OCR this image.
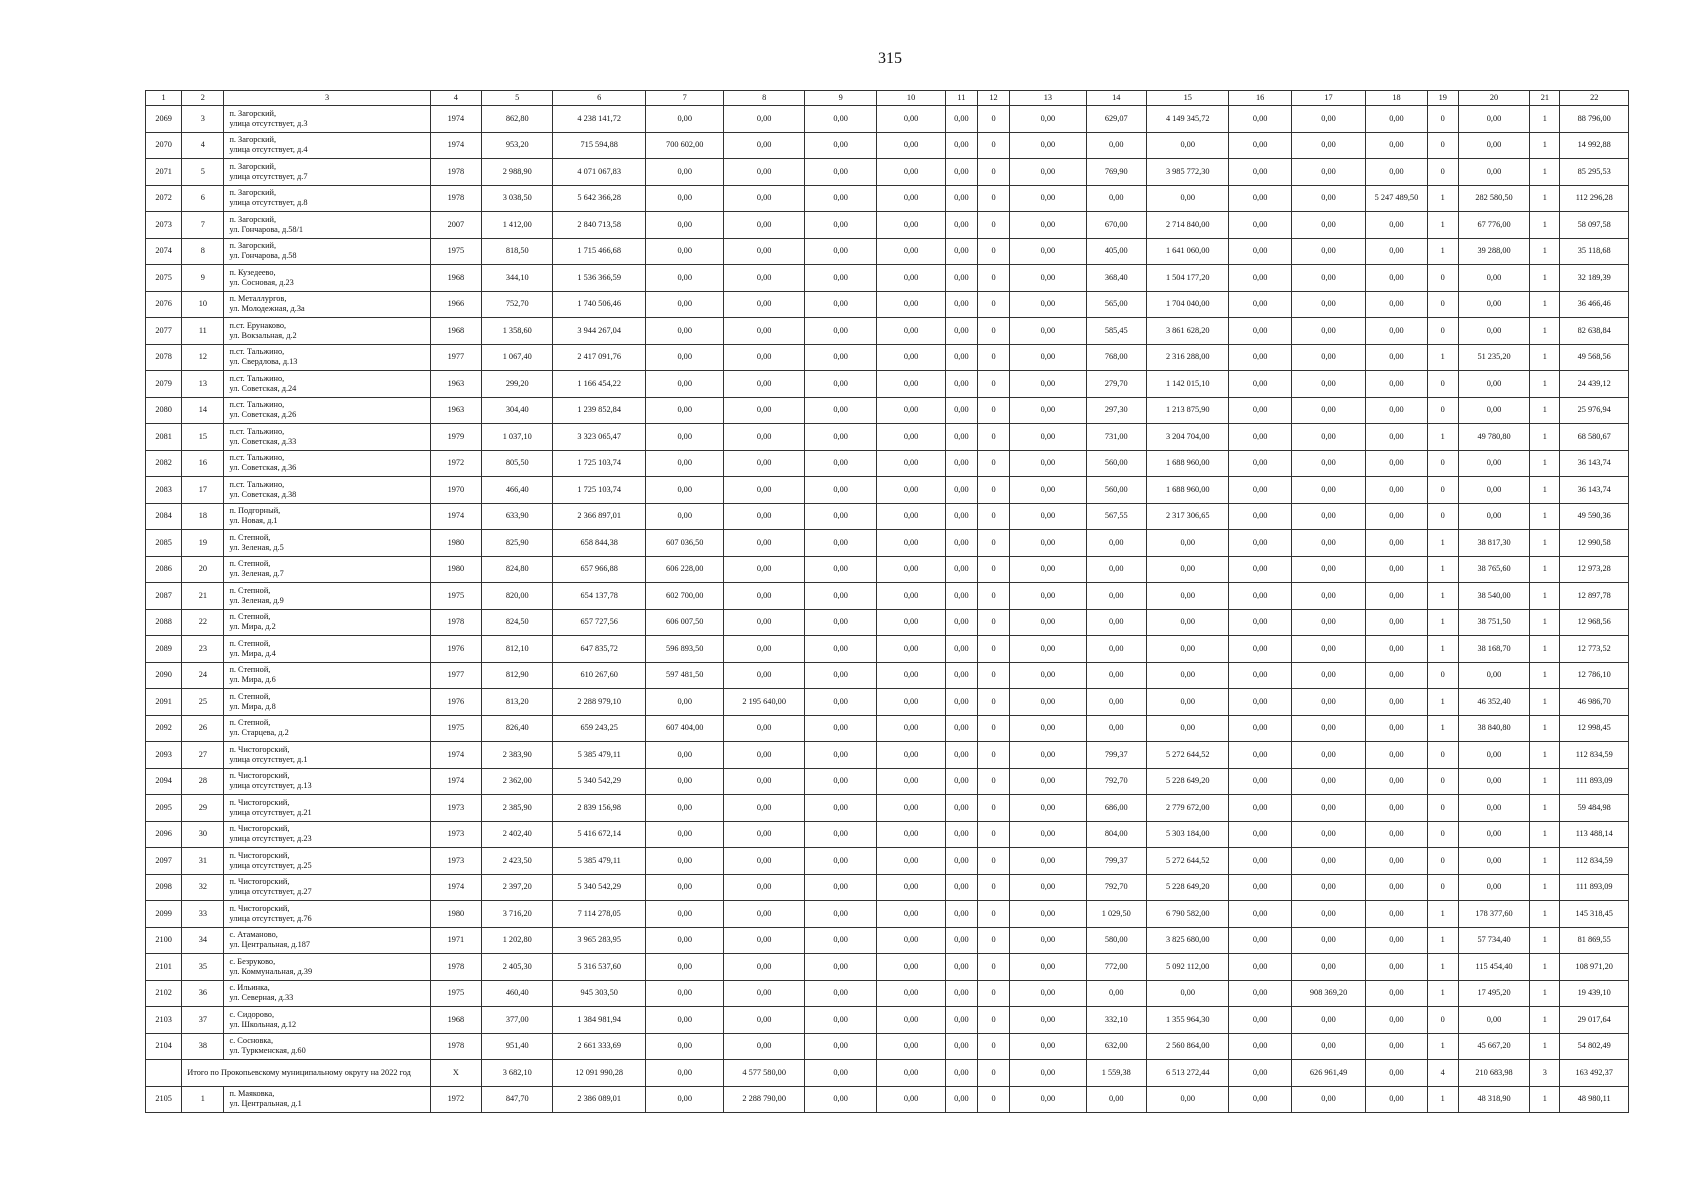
315
1	2	3	4	5	6	7	8	9	10	11	12	13	14	15	16	17	18	19	20	21	22
2069	3	п. Загорский,
улица отсутствует, д.3	1974	862,80	4 238 141,72	0,00	0,00	0,00	0,00	0,00	0	0,00	629,07	4 149 345,72	0,00	0,00	0,00	0	0,00	1	88 796,00
2070	4	п. Загорский,
улица отсутствует, д.4	1974	953,20	715 594,88	700 602,00	0,00	0,00	0,00	0,00	0	0,00	0,00	0,00	0,00	0,00	0,00	0	0,00	1	14 992,88
2071	5	п. Загорский,
улица отсутствует, д.7	1978	2 988,90	4 071 067,83	0,00	0,00	0,00	0,00	0,00	0	0,00	769,90	3 985 772,30	0,00	0,00	0,00	0	0,00	1	85 295,53
2072	6	п. Загорский,
улица отсутствует, д.8	1978	3 038,50	5 642 366,28	0,00	0,00	0,00	0,00	0,00	0	0,00	0,00	0,00	0,00	0,00	5 247 489,50	1	282 580,50	1	112 296,28
2073	7	п. Загорский,
ул. Гончарова, д.58/1	2007	1 412,00	2 840 713,58	0,00	0,00	0,00	0,00	0,00	0	0,00	670,00	2 714 840,00	0,00	0,00	0,00	1	67 776,00	1	58 097,58
2074	8	п. Загорский,
ул. Гончарова, д.58	1975	818,50	1 715 466,68	0,00	0,00	0,00	0,00	0,00	0	0,00	405,00	1 641 060,00	0,00	0,00	0,00	1	39 288,00	1	35 118,68
2075	9	п. Кузедеево,
ул. Сосновая, д.23	1968	344,10	1 536 366,59	0,00	0,00	0,00	0,00	0,00	0	0,00	368,40	1 504 177,20	0,00	0,00	0,00	0	0,00	1	32 189,39
2076	10	п. Металлургов,
ул. Молодежная, д.3а	1966	752,70	1 740 506,46	0,00	0,00	0,00	0,00	0,00	0	0,00	565,00	1 704 040,00	0,00	0,00	0,00	0	0,00	1	36 466,46
2077	11	п.ст. Ерунаково,
ул. Вокзальная, д.2	1968	1 358,60	3 944 267,04	0,00	0,00	0,00	0,00	0,00	0	0,00	585,45	3 861 628,20	0,00	0,00	0,00	0	0,00	1	82 638,84
2078	12	п.ст. Тальжино,
ул. Свердлова, д.13	1977	1 067,40	2 417 091,76	0,00	0,00	0,00	0,00	0,00	0	0,00	768,00	2 316 288,00	0,00	0,00	0,00	1	51 235,20	1	49 568,56
2079	13	п.ст. Тальжино,
ул. Советская, д.24	1963	299,20	1 166 454,22	0,00	0,00	0,00	0,00	0,00	0	0,00	279,70	1 142 015,10	0,00	0,00	0,00	0	0,00	1	24 439,12
2080	14	п.ст. Тальжино,
ул. Советская, д.26	1963	304,40	1 239 852,84	0,00	0,00	0,00	0,00	0,00	0	0,00	297,30	1 213 875,90	0,00	0,00	0,00	0	0,00	1	25 976,94
2081	15	п.ст. Тальжино,
ул. Советская, д.33	1979	1 037,10	3 323 065,47	0,00	0,00	0,00	0,00	0,00	0	0,00	731,00	3 204 704,00	0,00	0,00	0,00	1	49 780,80	1	68 580,67
2082	16	п.ст. Тальжино,
ул. Советская, д.36	1972	805,50	1 725 103,74	0,00	0,00	0,00	0,00	0,00	0	0,00	560,00	1 688 960,00	0,00	0,00	0,00	0	0,00	1	36 143,74
2083	17	п.ст. Тальжино,
ул. Советская, д.38	1970	466,40	1 725 103,74	0,00	0,00	0,00	0,00	0,00	0	0,00	560,00	1 688 960,00	0,00	0,00	0,00	0	0,00	1	36 143,74
2084	18	п. Подгорный,
ул. Новая, д.1	1974	633,90	2 366 897,01	0,00	0,00	0,00	0,00	0,00	0	0,00	567,55	2 317 306,65	0,00	0,00	0,00	0	0,00	1	49 590,36
2085	19	п. Степной,
ул. Зеленая, д.5	1980	825,90	658 844,38	607 036,50	0,00	0,00	0,00	0,00	0	0,00	0,00	0,00	0,00	0,00	0,00	1	38 817,30	1	12 990,58
2086	20	п. Степной,
ул. Зеленая, д.7	1980	824,80	657 966,88	606 228,00	0,00	0,00	0,00	0,00	0	0,00	0,00	0,00	0,00	0,00	0,00	1	38 765,60	1	12 973,28
2087	21	п. Степной,
ул. Зеленая, д.9	1975	820,00	654 137,78	602 700,00	0,00	0,00	0,00	0,00	0	0,00	0,00	0,00	0,00	0,00	0,00	1	38 540,00	1	12 897,78
2088	22	п. Степной,
ул. Мира, д.2	1978	824,50	657 727,56	606 007,50	0,00	0,00	0,00	0,00	0	0,00	0,00	0,00	0,00	0,00	0,00	1	38 751,50	1	12 968,56
2089	23	п. Степной,
ул. Мира, д.4	1976	812,10	647 835,72	596 893,50	0,00	0,00	0,00	0,00	0	0,00	0,00	0,00	0,00	0,00	0,00	1	38 168,70	1	12 773,52
2090	24	п. Степной,
ул. Мира, д.6	1977	812,90	610 267,60	597 481,50	0,00	0,00	0,00	0,00	0	0,00	0,00	0,00	0,00	0,00	0,00	0	0,00	1	12 786,10
2091	25	п. Степной,
ул. Мира, д.8	1976	813,20	2 288 979,10	0,00	2 195 640,00	0,00	0,00	0,00	0	0,00	0,00	0,00	0,00	0,00	0,00	1	46 352,40	1	46 986,70
2092	26	п. Степной,
ул. Старцева, д.2	1975	826,40	659 243,25	607 404,00	0,00	0,00	0,00	0,00	0	0,00	0,00	0,00	0,00	0,00	0,00	1	38 840,80	1	12 998,45
2093	27	п. Чистогорский,
улица отсутствует, д.1	1974	2 383,90	5 385 479,11	0,00	0,00	0,00	0,00	0,00	0	0,00	799,37	5 272 644,52	0,00	0,00	0,00	0	0,00	1	112 834,59
2094	28	п. Чистогорский,
улица отсутствует, д.13	1974	2 362,00	5 340 542,29	0,00	0,00	0,00	0,00	0,00	0	0,00	792,70	5 228 649,20	0,00	0,00	0,00	0	0,00	1	111 893,09
2095	29	п. Чистогорский,
улица отсутствует, д.21	1973	2 385,90	2 839 156,98	0,00	0,00	0,00	0,00	0,00	0	0,00	686,00	2 779 672,00	0,00	0,00	0,00	0	0,00	1	59 484,98
2096	30	п. Чистогорский,
улица отсутствует, д.23	1973	2 402,40	5 416 672,14	0,00	0,00	0,00	0,00	0,00	0	0,00	804,00	5 303 184,00	0,00	0,00	0,00	0	0,00	1	113 488,14
2097	31	п. Чистогорский,
улица отсутствует, д.25	1973	2 423,50	5 385 479,11	0,00	0,00	0,00	0,00	0,00	0	0,00	799,37	5 272 644,52	0,00	0,00	0,00	0	0,00	1	112 834,59
2098	32	п. Чистогорский,
улица отсутствует, д.27	1974	2 397,20	5 340 542,29	0,00	0,00	0,00	0,00	0,00	0	0,00	792,70	5 228 649,20	0,00	0,00	0,00	0	0,00	1	111 893,09
2099	33	п. Чистогорский,
улица отсутствует, д.76	1980	3 716,20	7 114 278,05	0,00	0,00	0,00	0,00	0,00	0	0,00	1 029,50	6 790 582,00	0,00	0,00	0,00	1	178 377,60	1	145 318,45
2100	34	с. Атаманово,
ул. Центральная, д.187	1971	1 202,80	3 965 283,95	0,00	0,00	0,00	0,00	0,00	0	0,00	580,00	3 825 680,00	0,00	0,00	0,00	1	57 734,40	1	81 869,55
2101	35	с. Безруково,
ул. Коммунальная, д.39	1978	2 405,30	5 316 537,60	0,00	0,00	0,00	0,00	0,00	0	0,00	772,00	5 092 112,00	0,00	0,00	0,00	1	115 454,40	1	108 971,20
2102	36	с. Ильинка,
ул. Северная, д.33	1975	460,40	945 303,50	0,00	0,00	0,00	0,00	0,00	0	0,00	0,00	0,00	0,00	908 369,20	0,00	1	17 495,20	1	19 439,10
2103	37	с. Сидорово,
ул. Школьная, д.12	1968	377,00	1 384 981,94	0,00	0,00	0,00	0,00	0,00	0	0,00	332,10	1 355 964,30	0,00	0,00	0,00	0	0,00	1	29 017,64
2104	38	с. Сосновка,
ул. Туркменская, д.60	1978	951,40	2 661 333,69	0,00	0,00	0,00	0,00	0,00	0	0,00	632,00	2 560 864,00	0,00	0,00	0,00	1	45 667,20	1	54 802,49
	Итого по Прокопьевскому муниципальному округу на 2022 год		Х	3 682,10	12 091 990,28	0,00	4 577 580,00	0,00	0,00	0,00	0	0,00	1 559,38	6 513 272,44	0,00	626 961,49	0,00	4	210 683,98	3	163 492,37
2105	1	п. Маяковка,
ул. Центральная, д.1	1972	847,70	2 386 089,01	0,00	2 288 790,00	0,00	0,00	0,00	0	0,00	0,00	0,00	0,00	0,00	0,00	1	48 318,90	1	48 980,11
